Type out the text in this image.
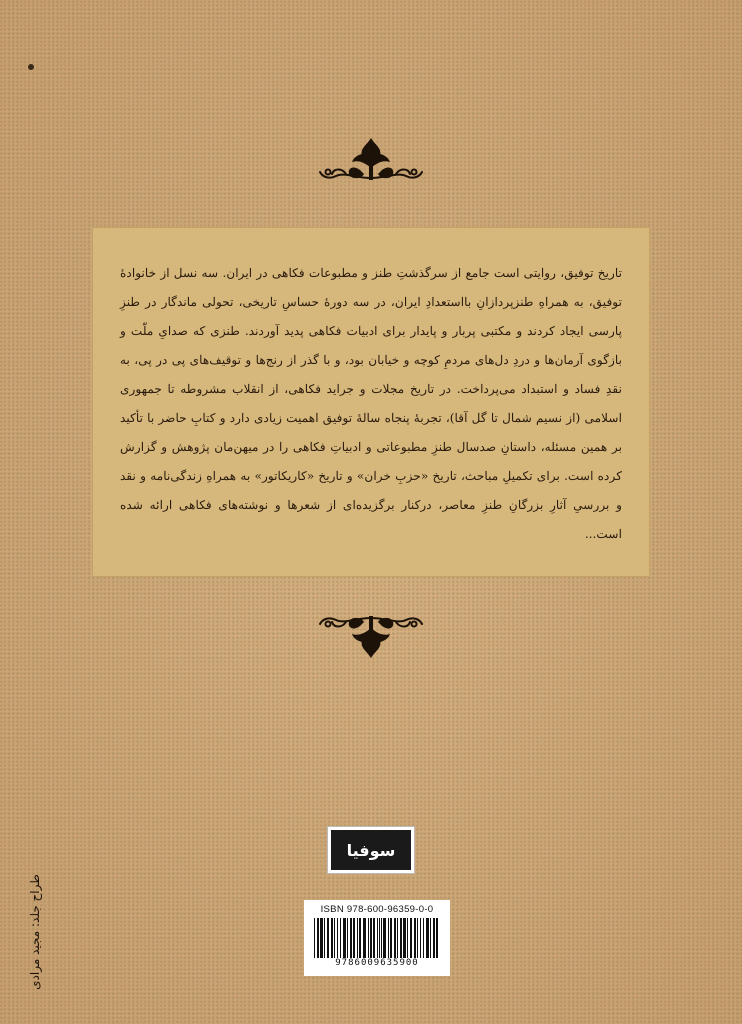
تاریخ توفیق، روایتی است جامع از سرگذشتِ طنز و مطبوعات فکاهی در ایران. سه نسل از خانوادهٔ توفیق، به همراهِ طنزپردازانِ بااستعدادِ ایران، در سه دورهٔ حساسِ تاریخی، تحولی ماندگار در طنزِ پارسی ایجاد کردند و مکتبی پربار و پایدار برای ادبیات فکاهی پدید آوردند. طنزی که صدایِ ملّت و بازگوی آرمان‌ها و دردِ دل‌های مردمِ کوچه و خیابان بود، و با گذر از رنج‌ها و توقیف‌های پی در پی، به نقدِ فساد و استبداد می‌پرداخت. در تاریخ مجلات و جراید فکاهی، از انقلاب مشروطه تا جمهوری اسلامی (از نسیم شمال تا گل آقا)، تجربهٔ پنجاه سالهٔ توفیق اهمیت زیادی دارد و کتابِ حاضر با تأکید بر همین مسئله، داستانِ صدسال طنزِ مطبوعاتی و ادبیاتِ فکاهی را در میهن‌مان پژوهش و گزارش کرده است. برای تکمیلِ مباحث، تاریخ «حزبِ خران» و تاریخ «کاریکاتور» به همراهِ زندگی‌نامه و نقد و بررسیِ آثارِ بزرگانِ طنزِ معاصر، درکنار برگزیده‌ای از شعرها و نوشته‌های فکاهی ارائه شده است...
سوفیا
ISBN 978-600-96359-0-0
9786009635900
طراح جلد: مجید مرادی
